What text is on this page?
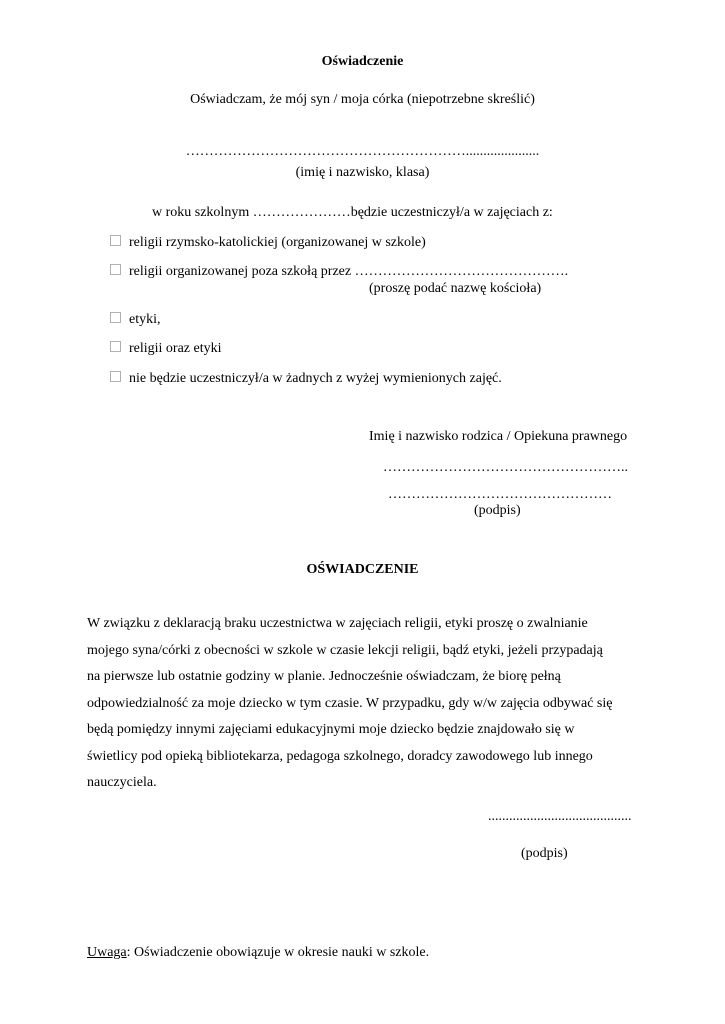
Oświadczenie
Oświadczam, że mój syn / moja córka (niepotrzebne skreślić)
…………………………………………………….....................
(imię i nazwisko, klasa)
w roku szkolnym …………………będzie uczestniczył/a w zajęciach z:
religii rzymsko-katolickiej (organizowanej w szkole)
religii organizowanej poza szkołą przez ……………………………………….
(proszę podać nazwę kościoła)
etyki,
religii oraz etyki
nie będzie uczestniczył/a w żadnych z wyżej wymienionych zajęć.
Imię i nazwisko rodzica / Opiekuna prawnego
……………………………………………..
…………………………………………
(podpis)
OŚWIADCZENIE
W związku z deklaracją braku uczestnictwa w zajęciach religii, etyki proszę o zwalnianie
mojego syna/córki z obecności w szkole w czasie lekcji religii, bądź etyki, jeżeli przypadają
na pierwsze lub ostatnie godziny w planie. Jednocześnie oświadczam, że biorę pełną
odpowiedzialność za moje dziecko w tym czasie. W przypadku, gdy w/w zajęcia odbywać się
będą pomiędzy innymi zajęciami edukacyjnymi moje dziecko będzie znajdowało się w
świetlicy pod opieką bibliotekarza, pedagoga szkolnego, doradcy zawodowego lub innego
nauczyciela.
.........................................
(podpis)
Uwaga: Oświadczenie obowiązuje w okresie nauki w szkole.
